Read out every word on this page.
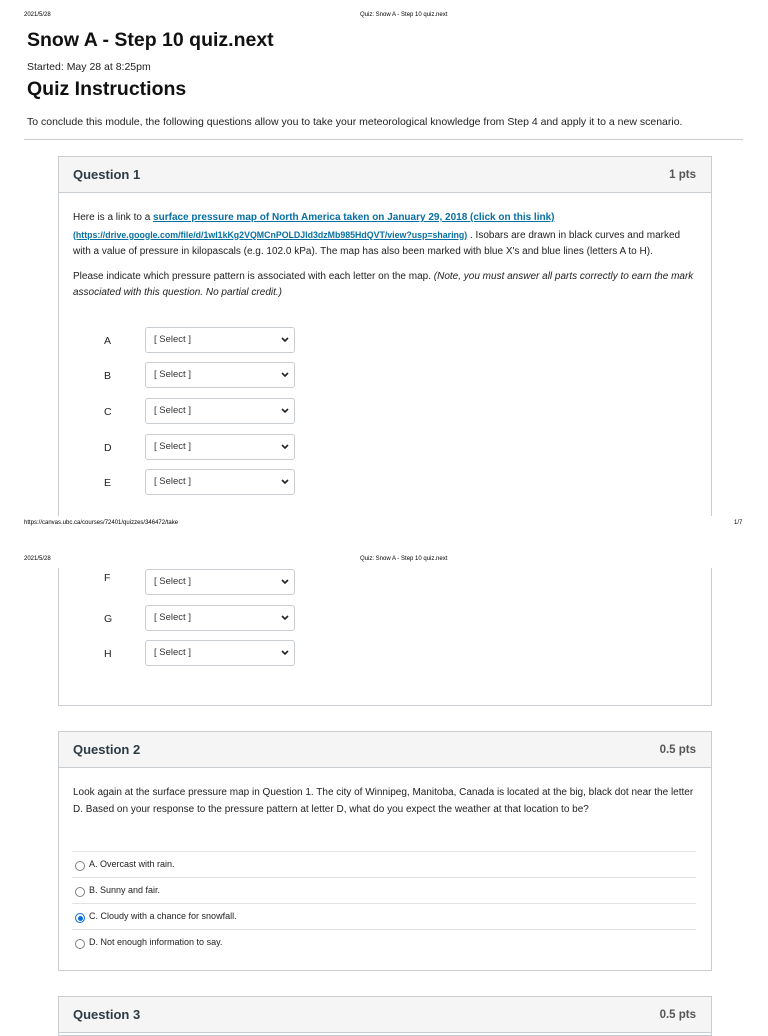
2021/5/28	Quiz: Snow A - Step 10 quiz.next
Snow A - Step 10 quiz.next
Started: May 28 at 8:25pm
Quiz Instructions
To conclude this module, the following questions allow you to take your meteorological knowledge from Step 4 and apply it to a new scenario.
Question 1	1 pts

Here is a link to a surface pressure map of North America taken on January 29, 2018 (click on this link) (https://drive.google.com/file/d/1wI1kKg2VQMCnPOLDJld3dzMb985HdQVT/view?usp=sharing) . Isobars are drawn in black curves and marked with a value of pressure in kilopascals (e.g. 102.0 kPa). The map has also been marked with blue X's and blue lines (letters A to H).

Please indicate which pressure pattern is associated with each letter on the map. (Note, you must answer all parts correctly to earn the mark associated with this question. No partial credit.)

A	[ Select ]
B	[ Select ]
C	[ Select ]
D	[ Select ]
E	[ Select ]
https://canvas.ubc.ca/courses/72401/quizzes/346472/take	1/7
2021/5/28	Quiz: Snow A - Step 10 quiz.next
F	[ Select ]
G	[ Select ]
H	[ Select ]
Question 2	0.5 pts

Look again at the surface pressure map in Question 1. The city of Winnipeg, Manitoba, Canada is located at the big, black dot near the letter D. Based on your response to the pressure pattern at letter D, what do you expect the weather at that location to be?

A. Overcast with rain.
B. Sunny and fair.
C. Cloudy with a chance for snowfall.
D. Not enough information to say.
Question 3	0.5 pts
